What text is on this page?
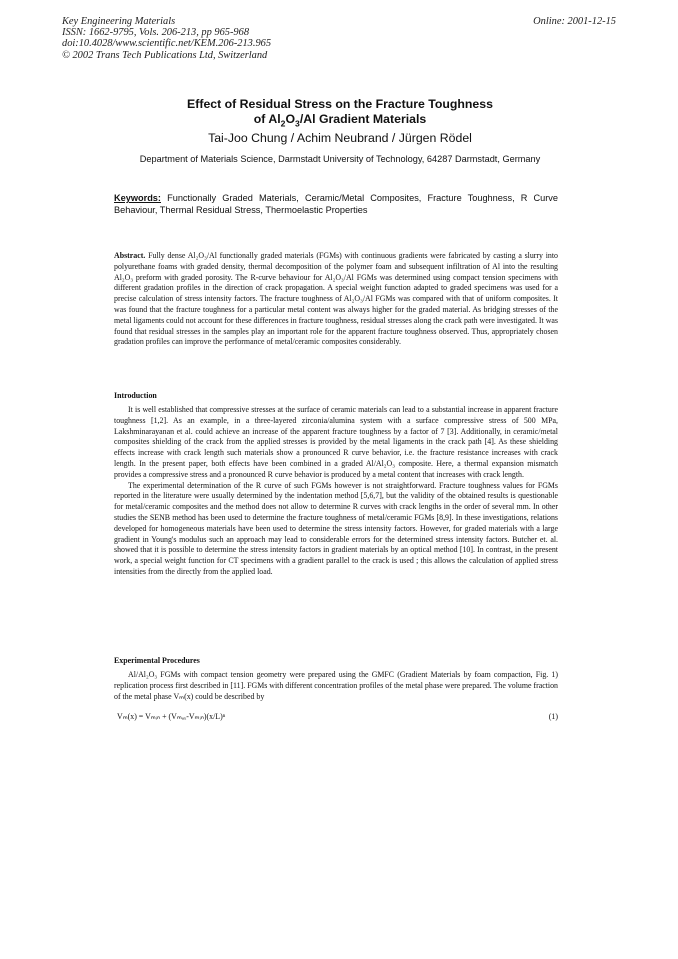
Key Engineering Materials
ISSN: 1662-9795, Vols. 206-213, pp 965-968
doi:10.4028/www.scientific.net/KEM.206-213.965
© 2002 Trans Tech Publications Ltd, Switzerland
Online: 2001-12-15
Effect of Residual Stress on the Fracture Toughness
of $Al_2O_3/Al$ Gradient Materials
Tai-Joo Chung / Achim Neubrand / Jürgen Rödel
Department of Materials Science, Darmstadt University of Technology, 64287 Darmstadt, Germany
Keywords: Functionally Graded Materials, Ceramic/Metal Composites, Fracture Toughness, R Curve Behaviour, Thermal Residual Stress, Thermoelastic Properties
Abstract. Fully dense Al₂O₃/Al functionally graded materials (FGMs) with continuous gradients were fabricated by casting a slurry into polyurethane foams with graded density, thermal decomposition of the polymer foam and subsequent infiltration of Al into the resulting Al₂O₃ preform with graded porosity. The R-curve behaviour for Al₂O₃/Al FGMs was determined using compact tension specimens with different gradation profiles in the direction of crack propagation. A special weight function adapted to graded specimens was used for a precise calculation of stress intensity factors. The fracture toughness of Al₂O₃/Al FGMs was compared with that of uniform composites. It was found that the fracture toughness for a particular metal content was always higher for the graded material. As bridging stresses of the metal ligaments could not account for these differences in fracture toughness, residual stresses along the crack path were investigated. It was found that residual stresses in the samples play an important role for the apparent fracture toughness observed. Thus, appropriately chosen gradation profiles can improve the performance of metal/ceramic composites considerably.
Introduction

It is well established that compressive stresses at the surface of ceramic materials can lead to a substantial increase in apparent fracture toughness [1,2]. As an example, in a three-layered zirconia/alumina system with a surface compressive stress of 500 MPa, Lakshminarayanan et al. could achieve an increase of the apparent fracture toughness by a factor of 7 [3]. Additionally, in ceramic/metal composites shielding of the crack from the applied stresses is provided by the metal ligaments in the crack path [4]. As these shielding effects increase with crack length such materials show a pronounced R curve behavior, i.e. the fracture resistance increases with crack length. In the present paper, both effects have been combined in a graded Al/Al₂O₃ composite. Here, a thermal expansion mismatch provides a compressive stress and a pronounced R curve behavior is produced by a metal content that increases with crack length.

The experimental determination of the R curve of such FGMs however is not straightforward. Fracture toughness values for FGMs reported in the literature were usually determined by the indentation method [5,6,7], but the validity of the obtained results is questionable for metal/ceramic composites and the method does not allow to determine R curves with crack lengths in the order of several mm. In other studies the SENB method has been used to determine the fracture toughness of metal/ceramic FGMs [8,9]. In these investigations, relations developed for homogeneous materials have been used to determine the stress intensity factors. However, for graded materials with a large gradient in Young's modulus such an approach may lead to considerable errors for the determined stress intensity factors. Butcher et. al. showed that it is possible to determine the stress intensity factors in gradient materials by an optical method [10]. In contrast, in the present work, a special weight function for CT specimens with a gradient parallel to the crack is used ; this allows the calculation of applied stress intensities from the directly from the applied load.

Experimental Procedures

Al/Al₂O₃ FGMs with compact tension geometry were prepared using the GMFC (Gradient Materials by foam compaction, Fig. 1) replication process first described in [11]. FGMs with different concentration profiles of the metal phase were prepared. The volume fraction of the metal phase Vₘ(x) could be described by

Vₘ(x) = Vₘᵢₙ + (Vₘₐₓ-Vₘᵢₙ)(x/L)ⁿ	(1)
